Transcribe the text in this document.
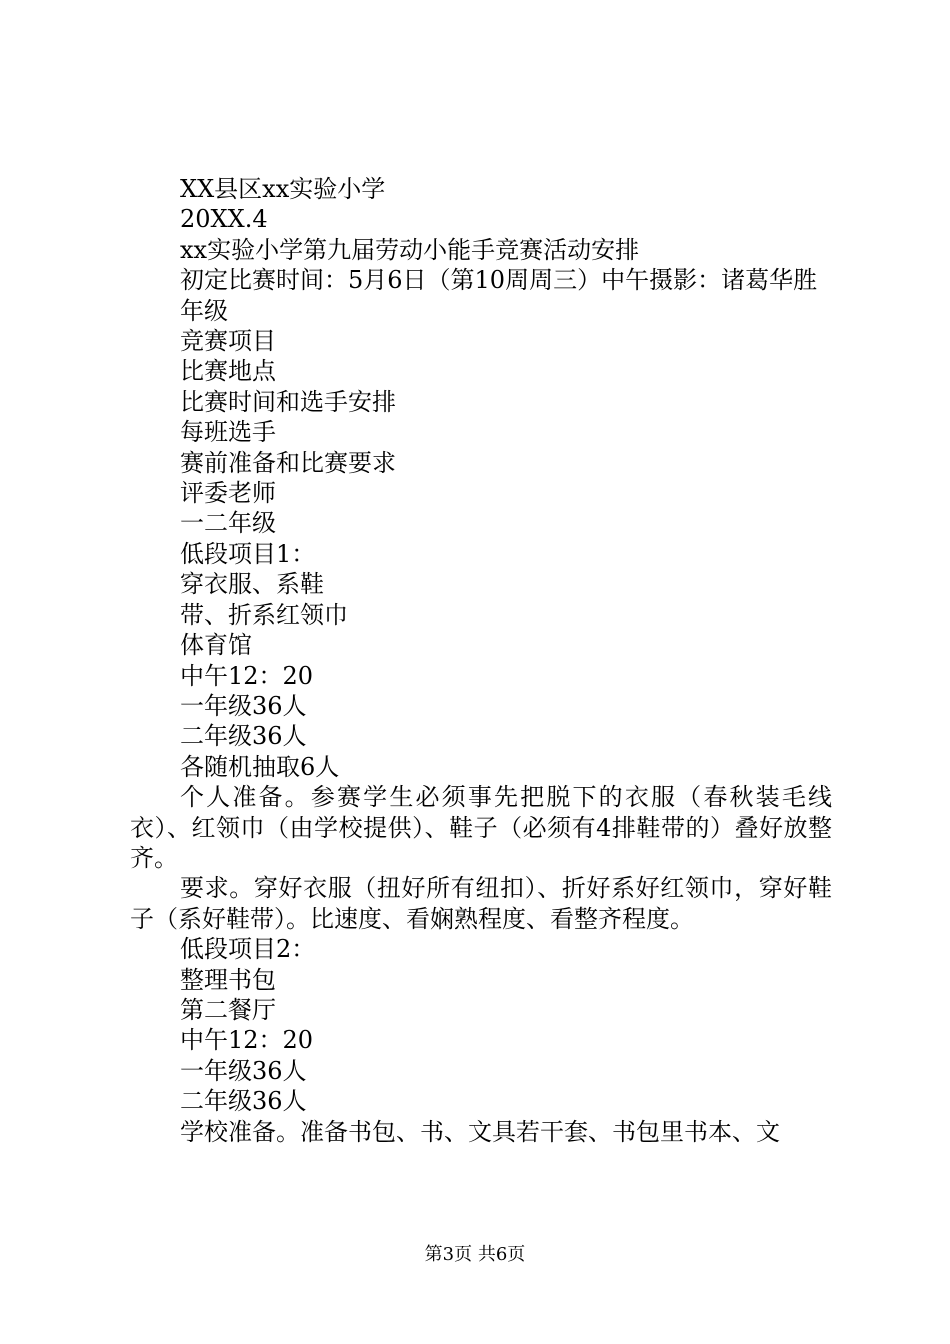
XX县区xx实验小学

20XX.4

xx实验小学第九届劳动小能手竞赛活动安排

初定比赛时间：5月6日（第10周周三）中午摄影：诸葛华胜

年级

竞赛项目

比赛地点

比赛时间和选手安排

每班选手

赛前准备和比赛要求

评委老师

一二年级

低段项目1：

穿衣服、系鞋

带、折系红领巾

体育馆

中午12：20

一年级36人

二年级36人

各随机抽取6人

个人准备。参赛学生必须事先把脱下的衣服（春秋装毛线衣）、红领巾（由学校提供）、鞋子（必须有4排鞋带的）叠好放整齐。

要求。穿好衣服（扭好所有纽扣）、折好系好红领巾，穿好鞋子（系好鞋带）。比速度、看娴熟程度、看整齐程度。

低段项目2：

整理书包

第二餐厅

中午12：20

一年级36人

二年级36人

学校准备。准备书包、书、文具若干套、书包里书本、文

第3页 共6页
